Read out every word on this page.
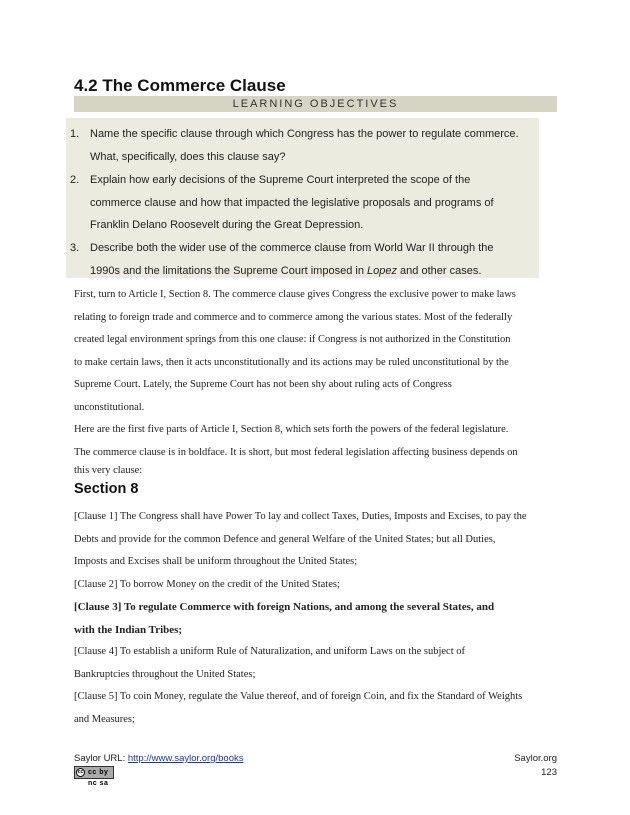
4.2 The Commerce Clause
LEARNING OBJECTIVES
1. Name the specific clause through which Congress has the power to regulate commerce.
What, specifically, does this clause say?
2. Explain how early decisions of the Supreme Court interpreted the scope of the
commerce clause and how that impacted the legislative proposals and programs of
Franklin Delano Roosevelt during the Great Depression.
3. Describe both the wider use of the commerce clause from World War II through the
1990s and the limitations the Supreme Court imposed in Lopez and other cases.
First, turn to Article I, Section 8. The commerce clause gives Congress the exclusive power to make laws
relating to foreign trade and commerce and to commerce among the various states. Most of the federally
created legal environment springs from this one clause: if Congress is not authorized in the Constitution
to make certain laws, then it acts unconstitutionally and its actions may be ruled unconstitutional by the
Supreme Court. Lately, the Supreme Court has not been shy about ruling acts of Congress
unconstitutional.
Here are the first five parts of Article I, Section 8, which sets forth the powers of the federal legislature.
The commerce clause is in boldface. It is short, but most federal legislation affecting business depends on
this very clause:
Section 8
[Clause 1] The Congress shall have Power To lay and collect Taxes, Duties, Imposts and Excises, to pay the
Debts and provide for the common Defence and general Welfare of the United States; but all Duties,
Imposts and Excises shall be uniform throughout the United States;
[Clause 2] To borrow Money on the credit of the United States;
[Clause 3] To regulate Commerce with foreign Nations, and among the several States, and
with the Indian Tribes;
[Clause 4] To establish a uniform Rule of Naturalization, and uniform Laws on the subject of
Bankruptcies throughout the United States;
[Clause 5] To coin Money, regulate the Value thereof, and of foreign Coin, and fix the Standard of Weights
and Measures;
Saylor URL: http://www.saylor.org/books
cc cc by nc sa
Saylor.org
123
